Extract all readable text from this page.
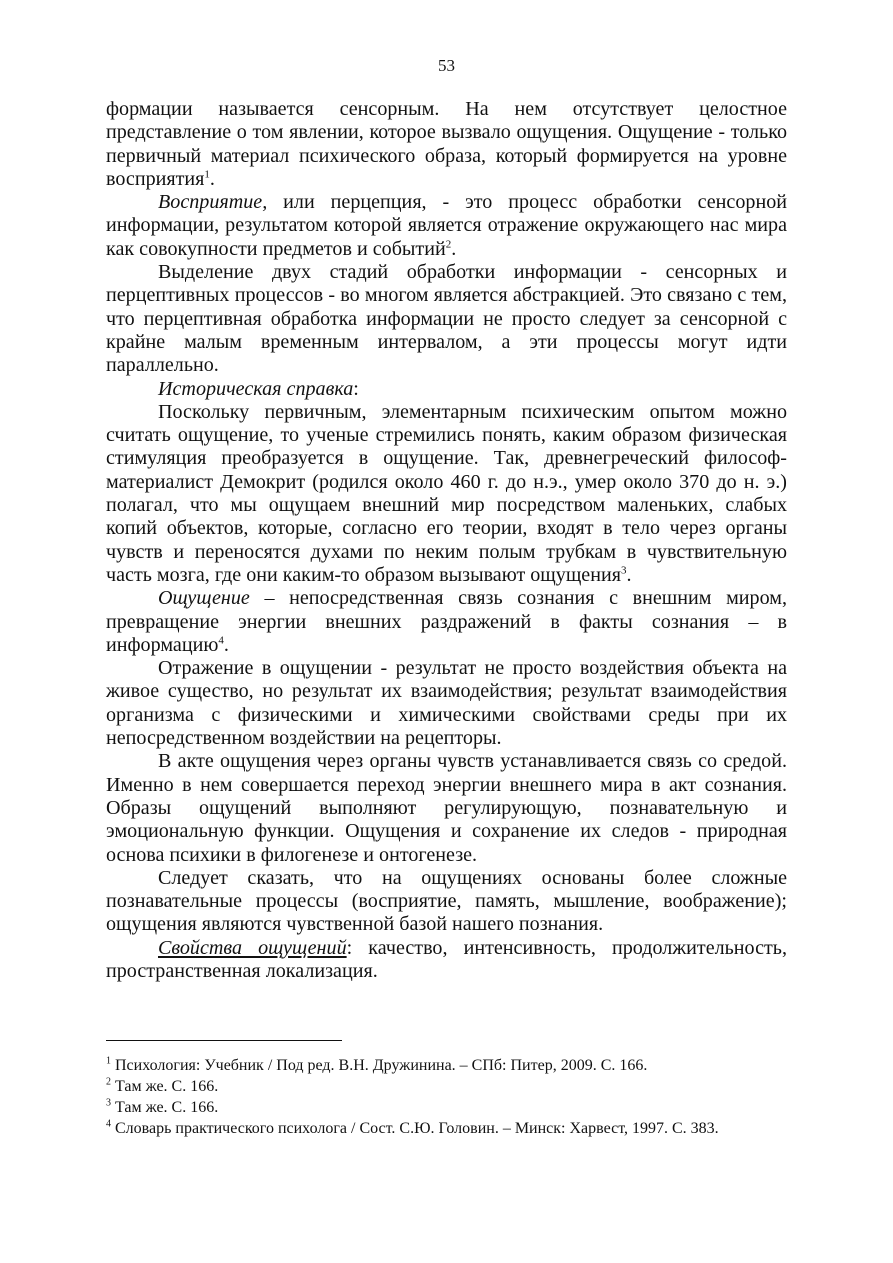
53

формации называется сенсорным. На нем отсутствует целостное представление о том явлении, которое вызвало ощущения. Ощущение - только первичный материал психического образа, который формируется на уровне восприятия$^1$.

Восприятие, или перцепция, - это процесс обработки сенсорной информации, результатом которой является отражение окружающего нас мира как совокупности предметов и событий$^2$.

Выделение двух стадий обработки информации - сенсорных и перцептивных процессов - во многом является абстракцией. Это связано с тем, что перцептивная обработка информации не просто следует за сенсорной с крайне малым временным интервалом, а эти процессы могут идти параллельно.

Историческая справка:

Поскольку первичным, элементарным психическим опытом можно считать ощущение, то ученые стремились понять, каким образом физическая стимуляция преобразуется в ощущение. Так, древнегреческий философ-материалист Демокрит (родился около 460 г. до н.э., умер около 370 до н. э.) полагал, что мы ощущаем внешний мир посредством маленьких, слабых копий объектов, которые, согласно его теории, входят в тело через органы чувств и переносятся духами по неким полым трубкам в чувствительную часть мозга, где они каким-то образом вызывают ощущения$^3$.

Ощущение – непосредственная связь сознания с внешним миром, превращение энергии внешних раздражений в факты сознания – в информацию$^4$.

Отражение в ощущении - результат не просто воздействия объекта на живое существо, но результат их взаимодействия; результат взаимодействия организма с физическими и химическими свойствами среды при их непосредственном воздействии на рецепторы.

В акте ощущения через органы чувств устанавливается связь со средой. Именно в нем совершается переход энергии внешнего мира в акт сознания. Образы ощущений выполняют регулирующую, познавательную и эмоциональную функции. Ощущения и сохранение их следов - природная основа психики в филогенезе и онтогенезе.

Следует сказать, что на ощущениях основаны более сложные познавательные процессы (восприятие, память, мышление, воображение); ощущения являются чувственной базой нашего познания.

Свойства ощущений: качество, интенсивность, продолжительность, пространственная локализация.

$^1$ Психология: Учебник / Под ред. В.Н. Дружинина. – СПб: Питер, 2009. С. 166.

$^2$ Там же. С. 166.

$^3$ Там же. С. 166.

$^4$ Словарь практического психолога / Сост. С.Ю. Головин. – Минск: Харвест, 1997. С. 383.
